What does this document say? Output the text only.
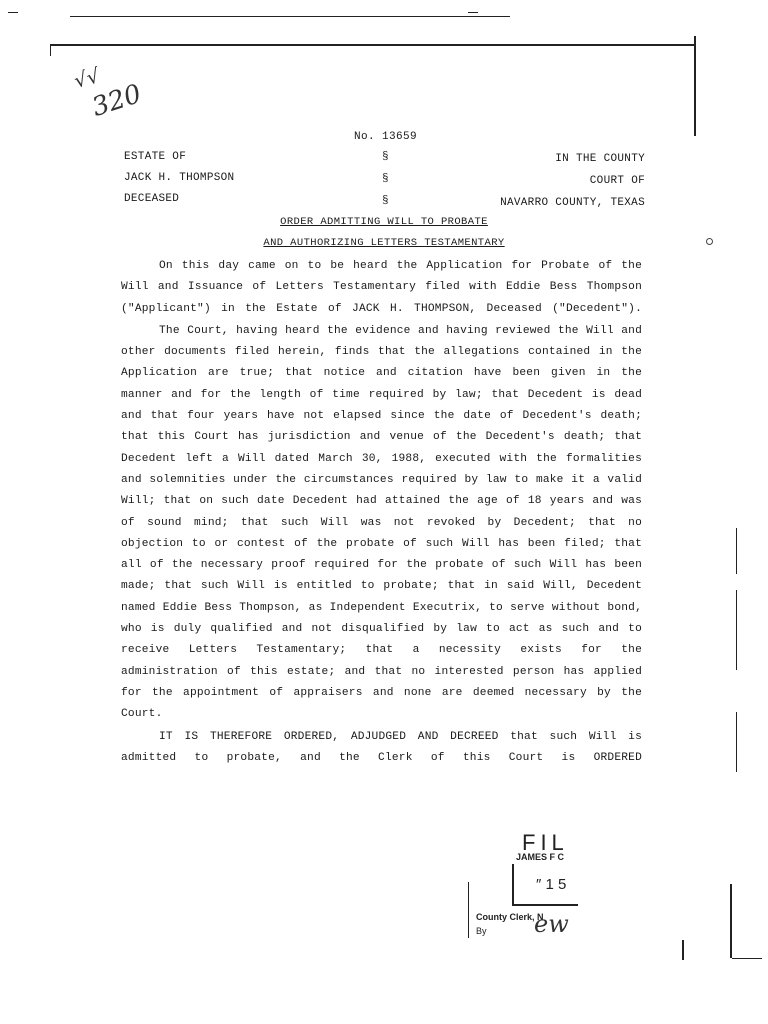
√√
320
No. 13659
ESTATE OF	§	IN THE COUNTY
JACK H. THOMPSON	§	COURT OF
DECEASED	§	NAVARRO COUNTY, TEXAS
ORDER ADMITTING WILL TO PROBATE
AND AUTHORIZING LETTERS TESTAMENTARY

On this day came on to be heard the Application for Probate of the Will and Issuance of Letters Testamentary filed with Eddie Bess Thompson ("Applicant") in the Estate of JACK H. THOMPSON, Deceased ("Decedent").

The Court, having heard the evidence and having reviewed the Will and other documents filed herein, finds that the allegations contained in the Application are true; that notice and citation have been given in the manner and for the length of time required by law; that Decedent is dead and that four years have not elapsed since the date of Decedent's death; that this Court has jurisdiction and venue of the Decedent's death; that Decedent left a Will dated March 30, 1988, executed with the formalities and solemnities under the circumstances required by law to make it a valid Will; that on such date Decedent had attained the age of 18 years and was of sound mind; that such Will was not revoked by Decedent; that no objection to or contest of the probate of such Will has been filed; that all of the necessary proof required for the probate of such Will has been made; that such Will is entitled to probate; that in said Will, Decedent named Eddie Bess Thompson, as Independent Executrix, to serve without bond, who is duly qualified and not disqualified by law to act as such and to receive Letters Testamentary; that a necessity exists for the administration of this estate; and that no interested person has applied for the appointment of appraisers and none are deemed necessary by the Court.

IT IS THEREFORE ORDERED, ADJUDGED AND DECREED that such Will is admitted to probate, and the Clerk of this Court is ORDERED

FIL
JAMES F C
″ 1 5
County Clerk, N
By ew
